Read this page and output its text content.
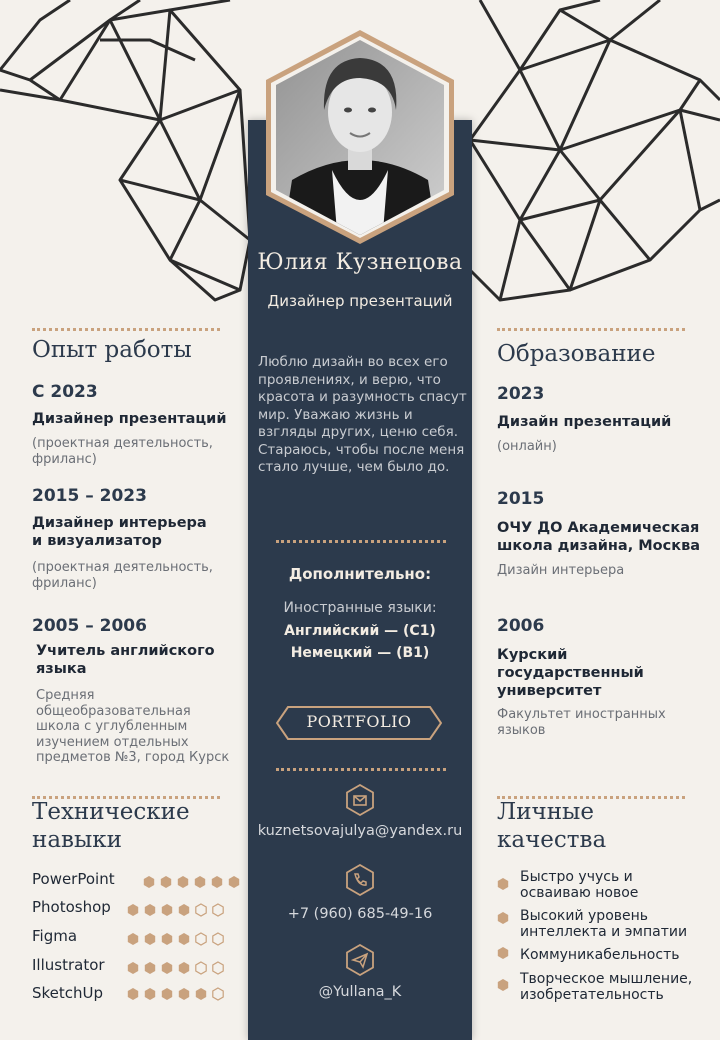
Юлия Кузнецова
Дизайнер презентаций
Люблю дизайн во всех его проявлениях, и верю, что красота и разумность спасут мир. Уважаю жизнь и взгляды других, ценю себя. Стараюсь, чтобы после меня стало лучше, чем было до.
Дополнительно:
Иностранные языки:
Английский — (C1)
Немецкий — (B1)
PORTFOLIO
kuznetsovajulya@yandex.ru
+7 (960) 685-49-16
@Yullana_K
Опыт работы
С 2023
Дизайнер презентаций
(проектная деятельность, фриланс)
2015 – 2023
Дизайнер интерьера и визуализатор
(проектная деятельность, фриланс)
2005 – 2006
Учитель английского языка
Средняя общеобразовательная школа с углубленным изучением отдельных предметов №3, город Курск
Технические навыки
PowerPoint
Photoshop
Figma
Illustrator
SketchUp
Образование
2023
Дизайн презентаций
(онлайн)
2015
ОЧУ ДО Академическая школа дизайна, Москва
Дизайн интерьера
2006
Курский государственный университет
Факультет иностранных языков
Личные качества
Быстро учусь и осваиваю новое
Высокий уровень интеллекта и эмпатии
Коммуникабельность
Творческое мышление, изобретательность
